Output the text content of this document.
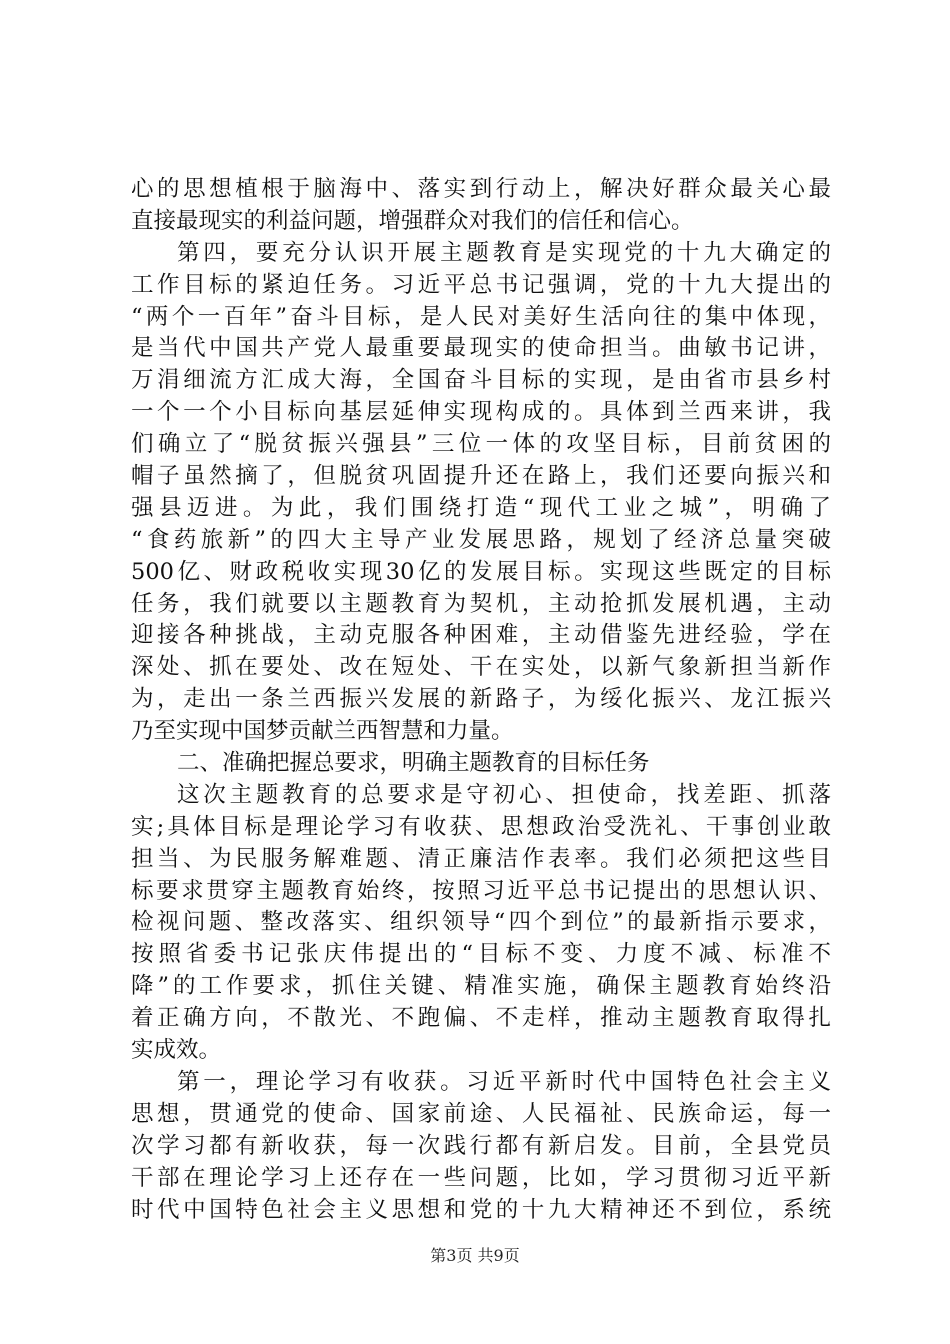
心的思想植根于脑海中、落实到行动上，解决好群众最关心最
直接最现实的利益问题，增强群众对我们的信任和信心。
第四，要充分认识开展主题教育是实现党的十九大确定的
工作目标的紧迫任务。习近平总书记强调，党的十九大提出的
“两个一百年”奋斗目标，是人民对美好生活向往的集中体现，
是当代中国共产党人最重要最现实的使命担当。曲敏书记讲，
万涓细流方汇成大海，全国奋斗目标的实现，是由省市县乡村
一个一个小目标向基层延伸实现构成的。具体到兰西来讲，我
们确立了“脱贫振兴强县”三位一体的攻坚目标，目前贫困的
帽子虽然摘了，但脱贫巩固提升还在路上，我们还要向振兴和
强县迈进。为此，我们围绕打造“现代工业之城”，明确了
“食药旅新”的四大主导产业发展思路，规划了经济总量突破
500亿、财政税收实现30亿的发展目标。实现这些既定的目标
任务，我们就要以主题教育为契机，主动抢抓发展机遇，主动
迎接各种挑战，主动克服各种困难，主动借鉴先进经验，学在
深处、抓在要处、改在短处、干在实处，以新气象新担当新作
为，走出一条兰西振兴发展的新路子，为绥化振兴、龙江振兴
乃至实现中国梦贡献兰西智慧和力量。
二、准确把握总要求，明确主题教育的目标任务
这次主题教育的总要求是守初心、担使命，找差距、抓落
实;具体目标是理论学习有收获、思想政治受洗礼、干事创业敢
担当、为民服务解难题、清正廉洁作表率。我们必须把这些目
标要求贯穿主题教育始终，按照习近平总书记提出的思想认识、
检视问题、整改落实、组织领导“四个到位”的最新指示要求，
按照省委书记张庆伟提出的“目标不变、力度不减、标准不
降”的工作要求，抓住关键、精准实施，确保主题教育始终沿
着正确方向，不散光、不跑偏、不走样，推动主题教育取得扎
实成效。
第一，理论学习有收获。习近平新时代中国特色社会主义
思想，贯通党的使命、国家前途、人民福祉、民族命运，每一
次学习都有新收获，每一次践行都有新启发。目前，全县党员
干部在理论学习上还存在一些问题，比如，学习贯彻习近平新
时代中国特色社会主义思想和党的十九大精神还不到位，系统
第3页 共9页
